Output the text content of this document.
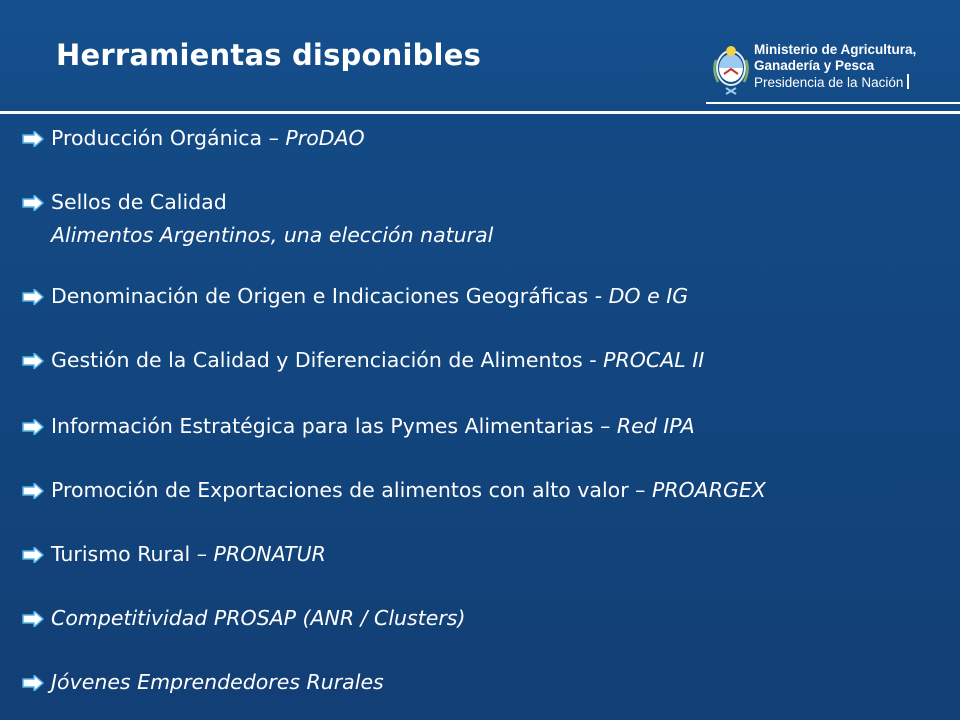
Herramientas disponibles	Ministerio de Agricultura,
Ganadería y Pesca
Presidencia de la Nación
Producción Orgánica – ProDAO
Sellos de Calidad
Alimentos Argentinos, una elección natural
Denominación de Origen e Indicaciones Geográficas - DO e IG
Gestión de la Calidad y Diferenciación de Alimentos - PROCAL II
Información Estratégica para las Pymes Alimentarias – Red IPA
Promoción de Exportaciones de alimentos con alto valor – PROARGEX
Turismo Rural – PRONATUR
Competitividad PROSAP (ANR / Clusters)
Jóvenes Emprendedores Rurales
